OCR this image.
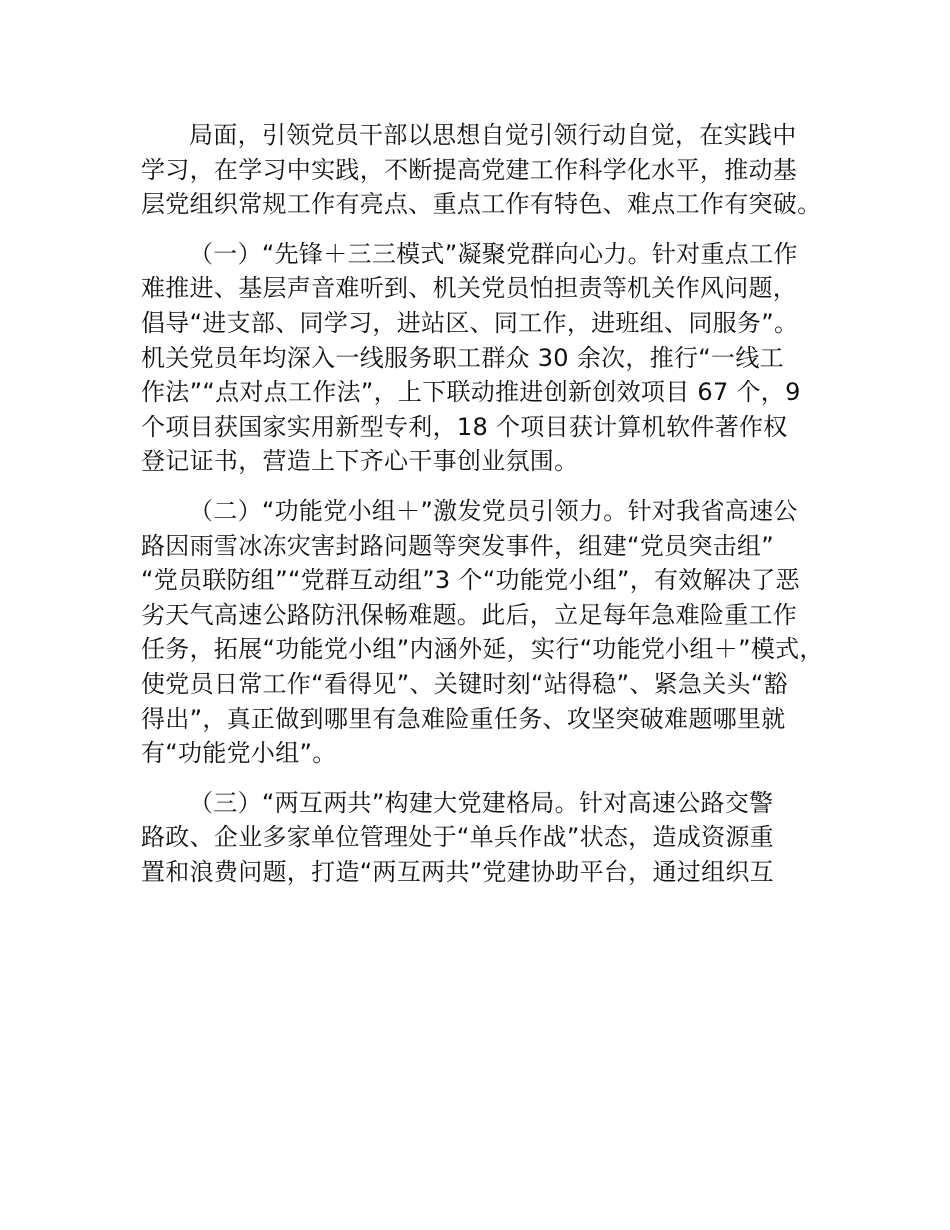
局面，引领党员干部以思想自觉引领行动自觉，在实践中
学习，在学习中实践，不断提高党建工作科学化水平，推动基
层党组织常规工作有亮点、重点工作有特色、难点工作有突破。

（一）“先锋＋三三模式”凝聚党群向心力。针对重点工作
难推进、基层声音难听到、机关党员怕担责等机关作风问题，
倡导“进支部、同学习，进站区、同工作，进班组、同服务”。
机关党员年均深入一线服务职工群众 30 余次，推行“一线工
作法”“点对点工作法”，上下联动推进创新创效项目 67 个，9
个项目获国家实用新型专利，18 个项目获计算机软件著作权
登记证书，营造上下齐心干事创业氛围。

（二）“功能党小组＋”激发党员引领力。针对我省高速公
路因雨雪冰冻灾害封路问题等突发事件，组建“党员突击组”
“党员联防组”“党群互动组”3 个“功能党小组”，有效解决了恶
劣天气高速公路防汛保畅难题。此后，立足每年急难险重工作
任务，拓展“功能党小组”内涵外延，实行“功能党小组＋”模式，
使党员日常工作“看得见”、关键时刻“站得稳”、紧急关头“豁
得出”，真正做到哪里有急难险重任务、攻坚突破难题哪里就
有“功能党小组”。

（三）“两互两共”构建大党建格局。针对高速公路交警
路政、企业多家单位管理处于“单兵作战”状态，造成资源重
置和浪费问题，打造“两互两共”党建协助平台，通过组织互
